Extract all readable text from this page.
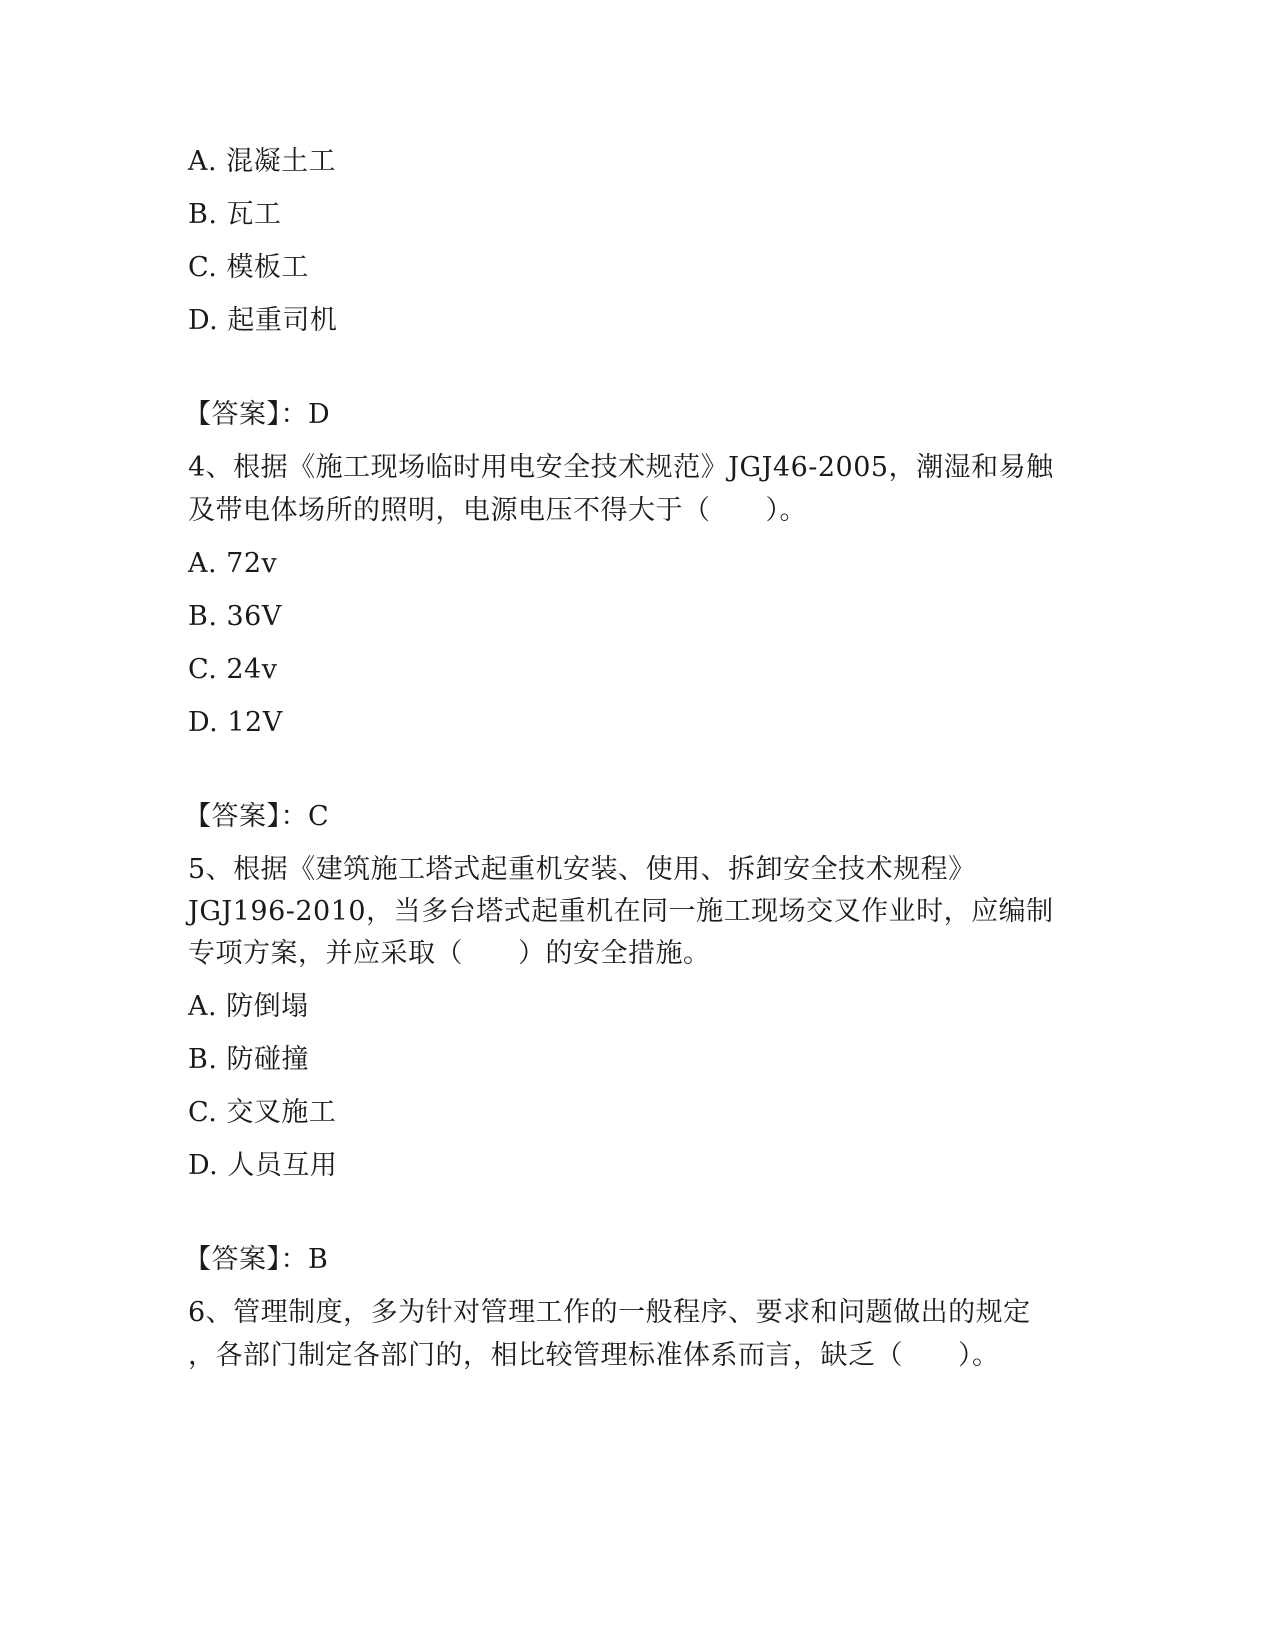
A. 混凝土工
B. 瓦工
C. 模板工
D. 起重司机
【答案】：D
4、根据《施工现场临时用电安全技术规范》JGJ46-2005，潮湿和易触
及带电体场所的照明，电源电压不得大于（　　）。
A. 72v
B. 36V
C. 24v
D. 12V
【答案】：C
5、根据《建筑施工塔式起重机安装、使用、拆卸安全技术规程》
JGJ196-2010，当多台塔式起重机在同一施工现场交叉作业时，应编制
专项方案，并应采取（　　）的安全措施。
A. 防倒塌
B. 防碰撞
C. 交叉施工
D. 人员互用
【答案】：B
6、管理制度，多为针对管理工作的一般程序、要求和问题做出的规定
，各部门制定各部门的，相比较管理标准体系而言，缺乏（　　）。
